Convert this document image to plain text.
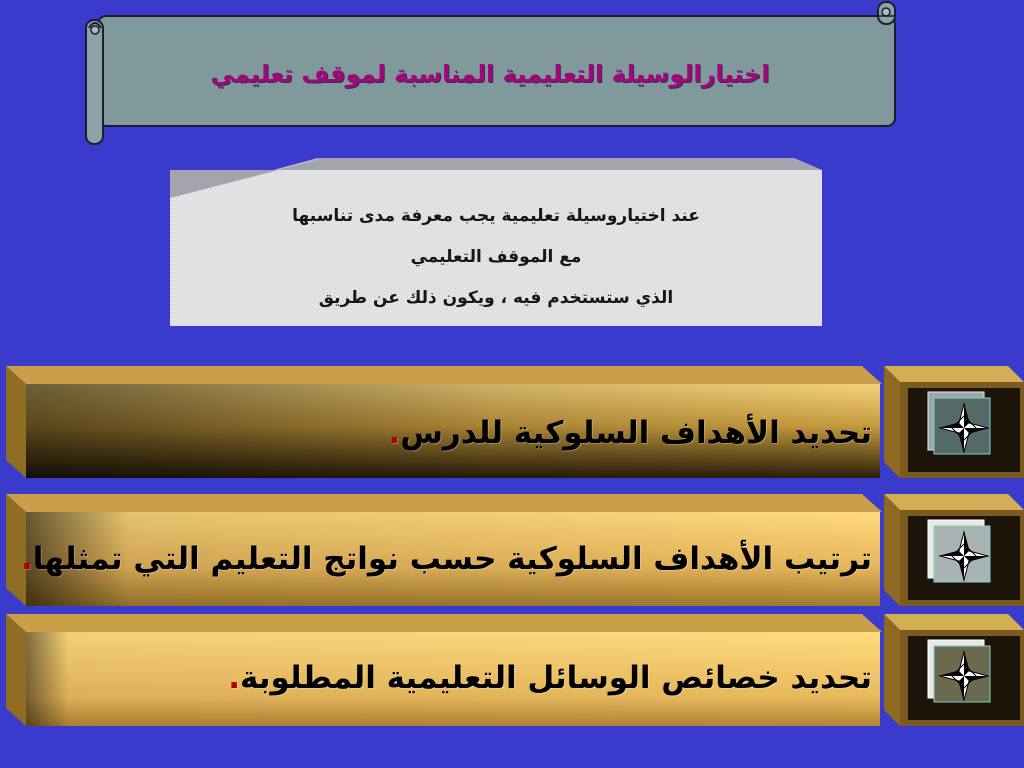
اختيارالوسيلة التعليمية المناسبة لموقف تعليمي
عند اختياروسيلة تعليمية يجب معرفة مدى تناسبها
مع الموقف التعليمي
الذي ستستخدم فيه ، ويكون ذلك عن طريق
تحديد الأهداف السلوكية للدرس
.
ترتيب الأهداف السلوكية حسب نواتج التعليم التي تمثلها
.
تحديد خصائص الوسائل التعليمية المطلوبة
.
